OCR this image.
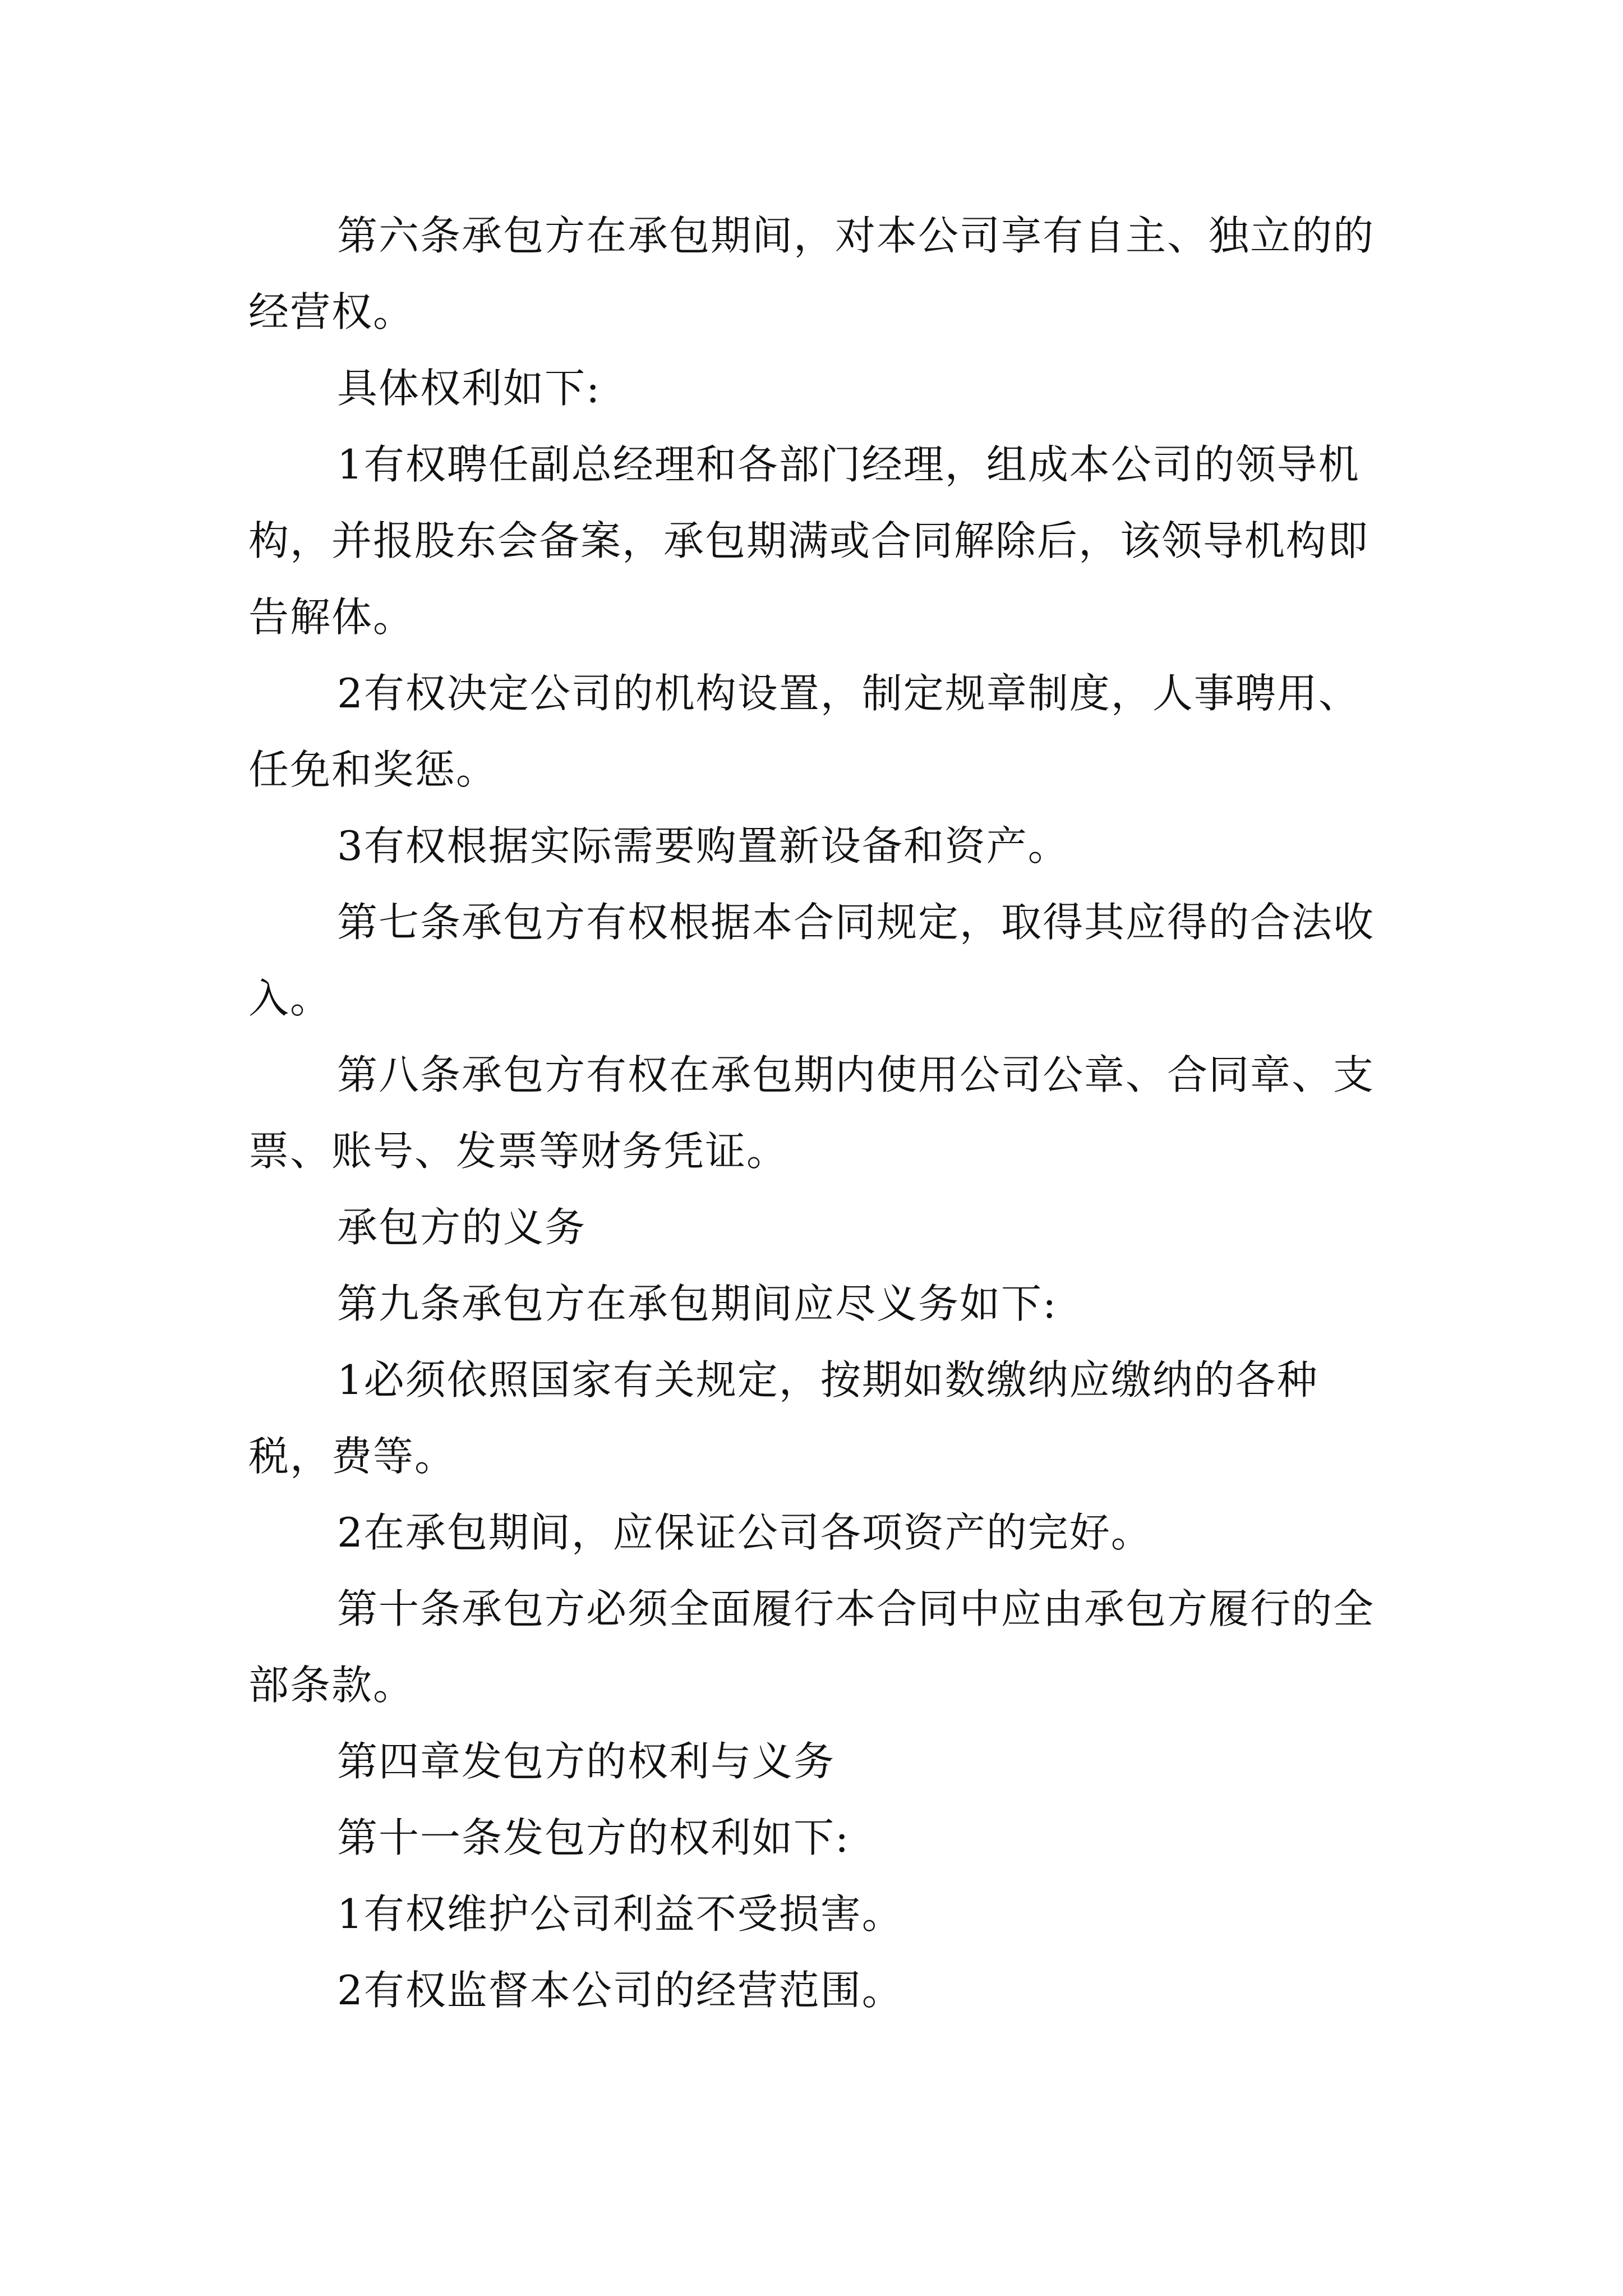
第六条承包方在承包期间，对本公司享有自主、独立的的经营权。

具体权利如下:

1有权聘任副总经理和各部门经理，组成本公司的领导机构，并报股东会备案，承包期满或合同解除后，该领导机构即告解体。

2有权决定公司的机构设置，制定规章制度，人事聘用、任免和奖惩。

3有权根据实际需要购置新设备和资产。

第七条承包方有权根据本合同规定，取得其应得的合法收入。

第八条承包方有权在承包期内使用公司公章、合同章、支票、账号、发票等财务凭证。

承包方的义务

第九条承包方在承包期间应尽义务如下:

1必须依照国家有关规定，按期如数缴纳应缴纳的各种税，费等。

2在承包期间，应保证公司各项资产的完好。

第十条承包方必须全面履行本合同中应由承包方履行的全部条款。

第四章发包方的权利与义务

第十一条发包方的权利如下:

1有权维护公司利益不受损害。

2有权监督本公司的经营范围。
